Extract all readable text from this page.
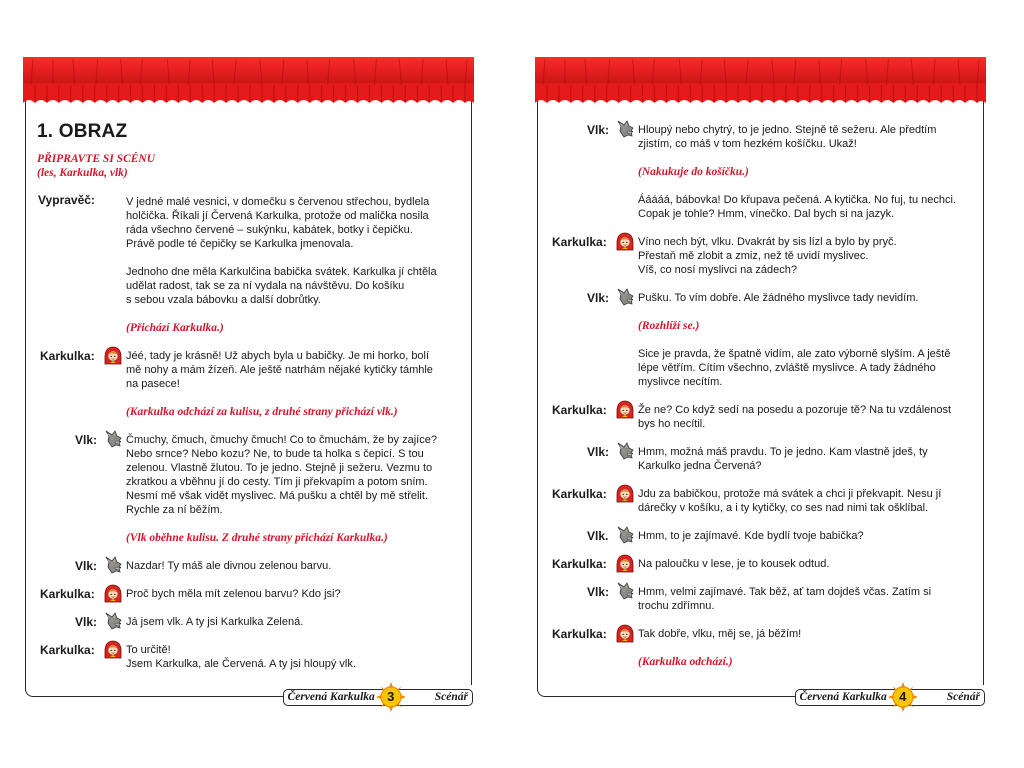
1. OBRAZ

PŘIPRAVTE SI SCÉNU
(les, Karkulka, vlk)

Vypravěč:	V jedné malé vesnici, v domečku s červenou střechou, bydlela
holčička. Říkali jí Červená Karkulka, protože od malička nosila
ráda všechno červené – sukýnku, kabátek, botky i čepičku.
Právě podle té čepičky se Karkulka jmenovala.
Jednoho dne měla Karkulčina babička svátek. Karkulka jí chtěla
udělat radost, tak se za ní vydala na návštěvu. Do košíku
s sebou vzala bábovku a další dobrůtky.
(Přichází Karkulka.)
Karkulka:	Jéé, tady je krásně! Už abych byla u babičky. Je mi horko, bolí
mě nohy a mám žízeň. Ale ještě natrhám nějaké kytičky támhle
na pasece!
(Karkulka odchází za kulisu, z druhé strany přichází vlk.)
Vlk:	Čmuchy, čmuch, čmuchy čmuch! Co to čmuchám, že by zajíce?
Nebo srnce? Nebo kozu? Ne, to bude ta holka s čepicí. S tou
zelenou. Vlastně žlutou. To je jedno. Stejně ji sežeru. Vezmu to
zkratkou a vběhnu jí do cesty. Tím ji překvapím a potom sním.
Nesmí mě však vidět myslivec. Má pušku a chtěl by mě střelit.
Rychle za ní běžím.
(Vlk oběhne kulisu. Z druhé strany přichází Karkulka.)
Vlk:	Nazdar! Ty máš ale divnou zelenou barvu.
Karkulka:	Proč bych měla mít zelenou barvu? Kdo jsi?
Vlk:	Já jsem vlk. A ty jsi Karkulka Zelená.
Karkulka:	To určitě!
Jsem Karkulka, ale Červená. A ty jsi hloupý vlk.
Červená Karkulka	Scénář
3
Vlk:	Hloupý nebo chytrý, to je jedno. Stejně tě sežeru. Ale předtím
zjistím, co máš v tom hezkém košíčku. Ukaž!
(Nakukuje do košíčku.)
Ááááá, bábovka! Do křupava pečená. A kytička. No fuj, tu nechci.
Copak je tohle? Hmm, vínečko. Dal bych si na jazyk.
Karkulka:	Víno nech být, vlku. Dvakrát by sis lízl a bylo by pryč.
Přestaň mě zlobit a zmiz, než tě uvidí myslivec.
Víš, co nosí myslivci na zádech?
Vlk:	Pušku. To vím dobře. Ale žádného myslivce tady nevidím.
(Rozhlíží se.)
Sice je pravda, že špatně vidím, ale zato výborně slyším. A ještě
lépe větřím. Cítím všechno, zvláště myslivce. A tady žádného
myslivce necítím.
Karkulka:	Že ne? Co když sedí na posedu a pozoruje tě? Na tu vzdálenost
bys ho necítil.
Vlk:	Hmm, možná máš pravdu. To je jedno. Kam vlastně jdeš, ty
Karkulko jedna Červená?
Karkulka:	Jdu za babičkou, protože má svátek a chci ji překvapit. Nesu jí
dárečky v košíku, a i ty kytičky, co ses nad nimi tak ošklíbal.
Vlk.	Hmm, to je zajímavé. Kde bydlí tvoje babička?
Karkulka:	Na paloučku v lese, je to kousek odtud.
Vlk:	Hmm, velmi zajímavé. Tak běž, ať tam dojdeš včas. Zatím si
trochu zdřímnu.
Karkulka:	Tak dobře, vlku, měj se, já běžím!
(Karkulka odchází.)
Červená Karkulka	Scénář
4
